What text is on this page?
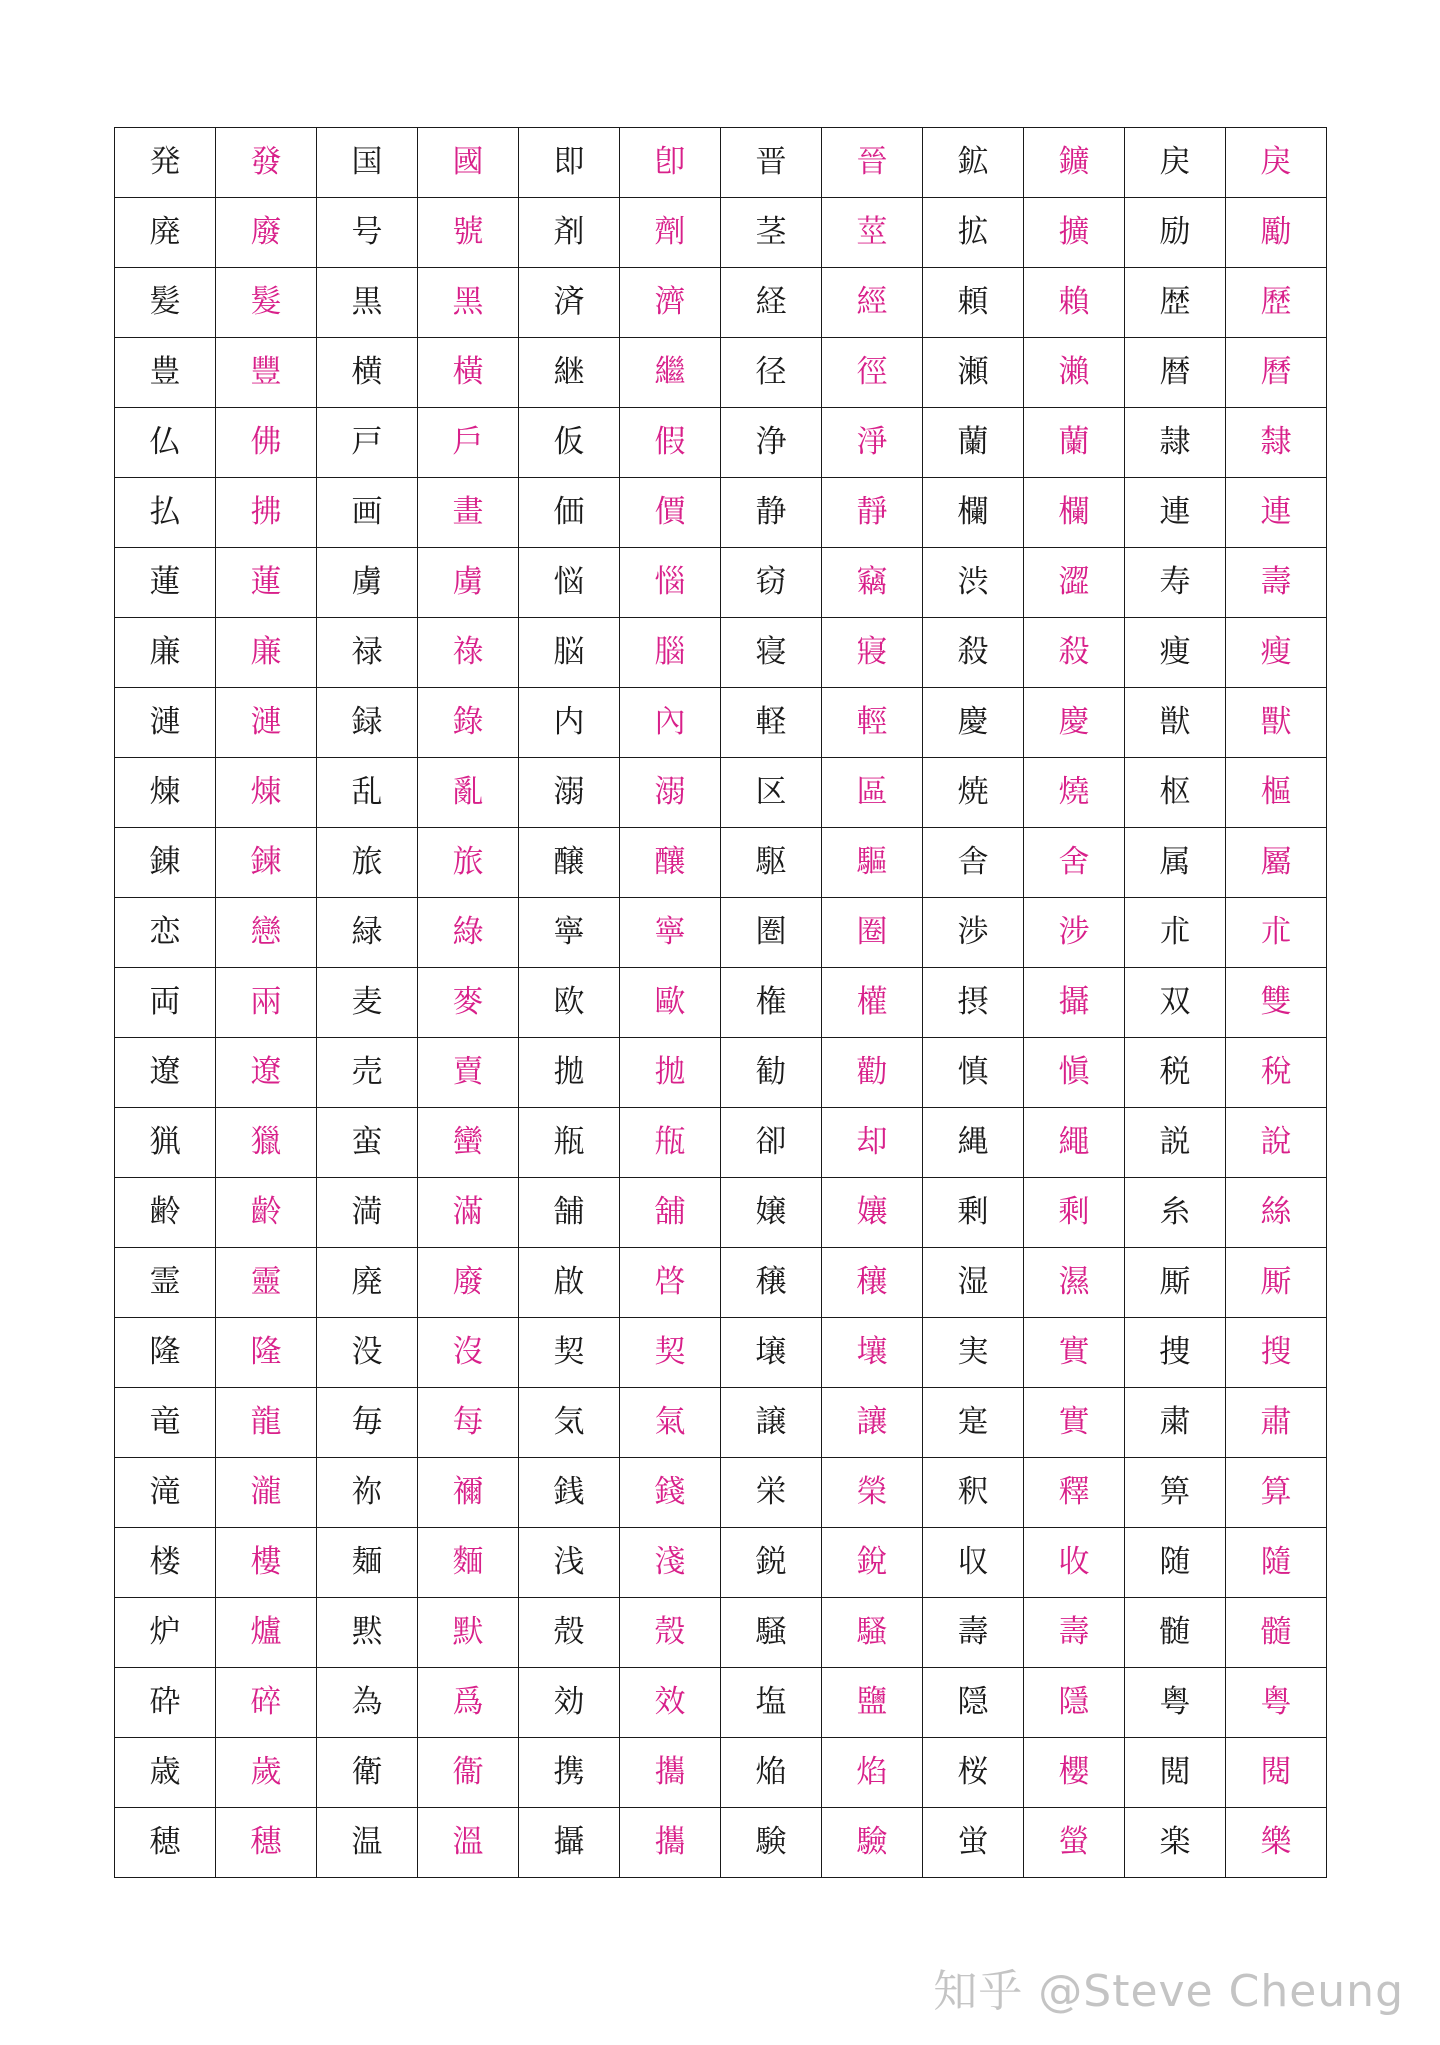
発	發	国	國	即	卽	晋	晉	鉱	鑛	戻	戾
廃	廢	号	號	剤	劑	茎	莖	拡	擴	励	勵
髪	髮	黒	黑	済	濟	経	經	頼	賴	歴	歷
豊	豐	横	橫	継	繼	径	徑	瀬	瀨	暦	曆
仏	佛	戸	戶	仮	假	浄	淨	蘭	蘭	隷	隸
払	拂	画	畫	価	價	静	靜	欄	欄	連	連
蓮	蓮	虜	虜	悩	惱	窃	竊	渋	澀	寿	壽
廉	廉	禄	祿	脳	腦	寝	寢	殺	殺	痩	瘦
漣	漣	録	錄	内	內	軽	輕	慶	慶	獣	獸
煉	煉	乱	亂	溺	溺	区	區	焼	燒	枢	樞
錬	鍊	旅	旅	醸	釀	駆	驅	舎	舍	属	屬
恋	戀	緑	綠	寧	寧	圏	圈	渉	涉	朮	朮
両	兩	麦	麥	欧	歐	権	權	摂	攝	双	雙
遼	遼	売	賣	拋	拋	勧	勸	慎	愼	税	稅
猟	獵	蛮	蠻	瓶	甁	卻	却	縄	繩	説	說
齢	齡	満	滿	舗	舖	嬢	孃	剰	剩	糸	絲
霊	靈	廃	廢	啟	啓	穣	穰	湿	濕	厮	厮
隆	隆	没	沒	契	契	壌	壤	実	實	捜	搜
竜	龍	毎	每	気	氣	譲	讓	寔	實	粛	肅
滝	瀧	祢	禰	銭	錢	栄	榮	釈	釋	箅	算
楼	樓	麺	麵	浅	淺	鋭	銳	収	收	随	隨
炉	爐	黙	默	殻	殼	騒	騷	壽	壽	髄	髓
砕	碎	為	爲	効	效	塩	鹽	隠	隱	粤	粤
歳	歲	衛	衞	携	攜	焔	焰	桜	櫻	閲	閱
穂	穗	温	溫	攝	攜	験	驗	蛍	螢	楽	樂
知乎 @Steve Cheung
